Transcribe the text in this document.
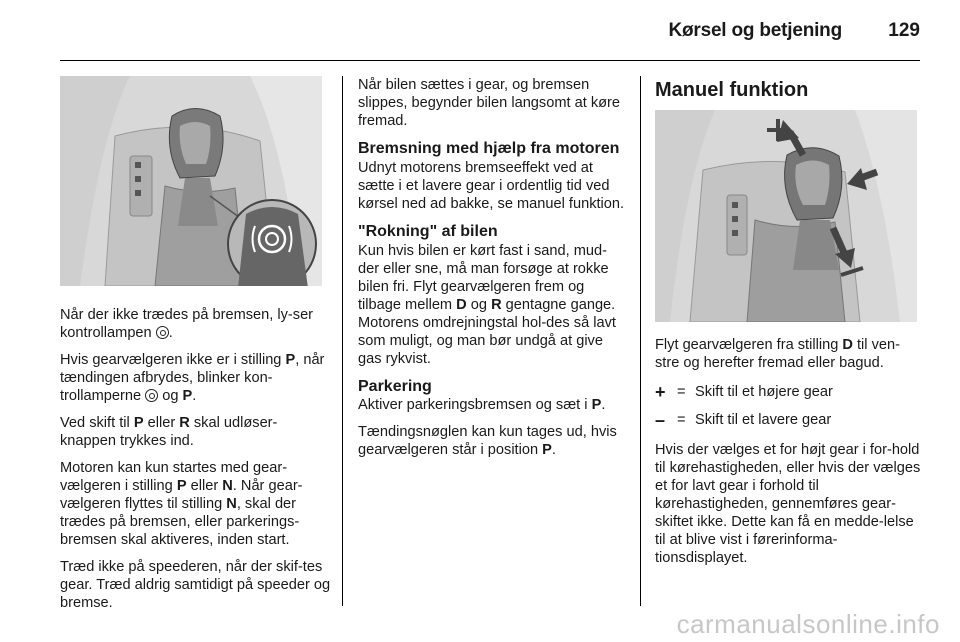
Kørsel og betjening 129

Når der ikke trædes på bremsen, ly-ser kontrollampen .

Hvis gearvælgeren ikke er i stilling P, når tændingen afbrydes, blinker kon-trollamperne og P.

Ved skift til P eller R skal udløser-knappen trykkes ind.

Motoren kan kun startes med gear-vælgeren i stilling P eller N. Når gear-vælgeren flyttes til stilling N, skal der trædes på bremsen, eller parkerings-bremsen skal aktiveres, inden start.

Træd ikke på speederen, når der skif-tes gear. Træd aldrig samtidigt på speeder og bremse.

Når bilen sættes i gear, og bremsen slippes, begynder bilen langsomt at køre fremad.

Bremsning med hjælp fra motoren

Udnyt motorens bremseeffekt ved at sætte i et lavere gear i ordentlig tid ved kørsel ned ad bakke, se manuel funktion.

"Rokning" af bilen

Kun hvis bilen er kørt fast i sand, mud-der eller sne, må man forsøge at rokke bilen fri. Flyt gearvælgeren frem og tilbage mellem D og R gentagne gange. Motorens omdrejningstal hol-des så lavt som muligt, og man bør undgå at give gas rykvist.

Parkering

Aktiver parkeringsbremsen og sæt i P.

Tændingsnøglen kan kun tages ud, hvis gearvælgeren står i position P.

Manuel funktion

Flyt gearvælgeren fra stilling D til ven-stre og herefter fremad eller bagud.

+ = Skift til et højere gear
– = Skift til et lavere gear

Hvis der vælges et for højt gear i for-hold til kørehastigheden, eller hvis der vælges et for lavt gear i forhold til kørehastigheden, gennemføres gear-skiftet ikke. Dette kan få en medde-lelse til at blive vist i førerinforma-tionsdisplayet.

carmanualsonline.info
